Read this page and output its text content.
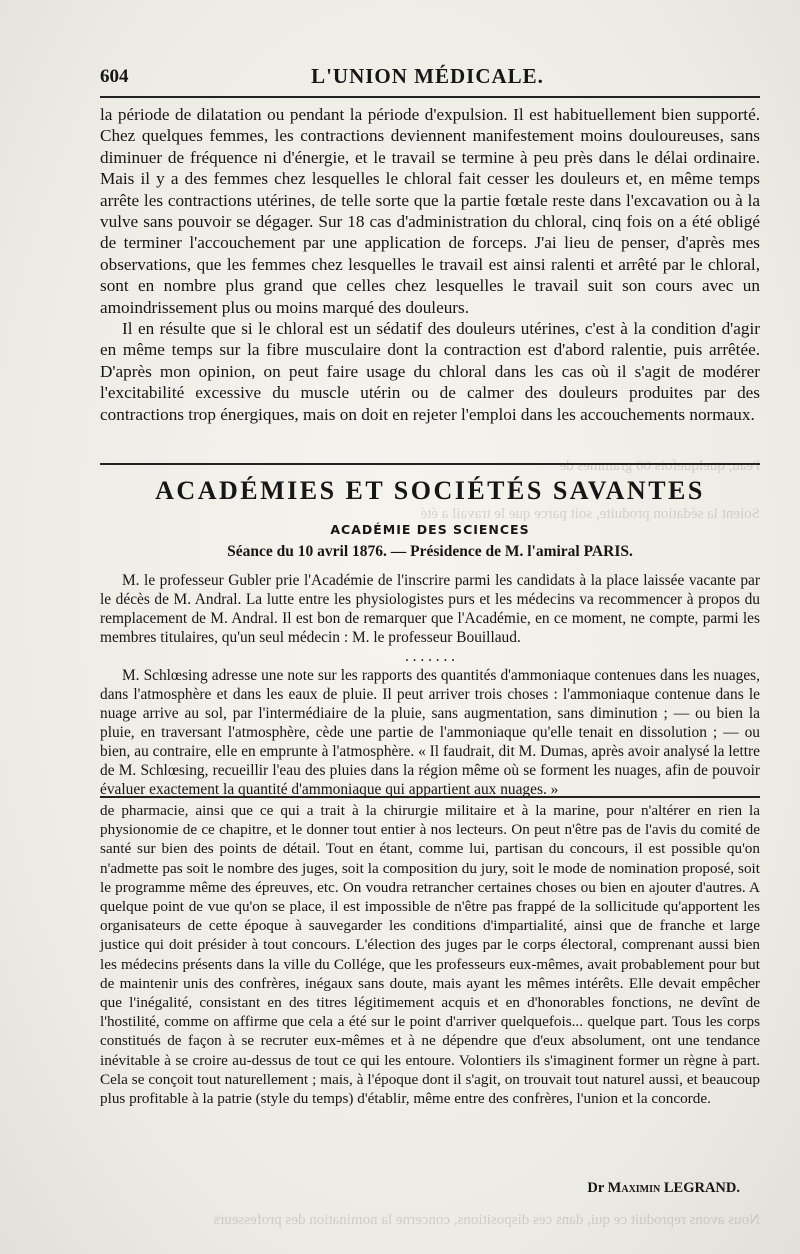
604	L'UNION MÉDICALE.

la période de dilatation ou pendant la période d'expulsion. Il est habituellement bien supporté. Chez quelques femmes, les contractions deviennent manifestement moins douloureuses, sans diminuer de fréquence ni d'énergie, et le travail se termine à peu près dans le délai ordinaire. Mais il y a des femmes chez lesquelles le chloral fait cesser les douleurs et, en même temps arrête les contractions utérines, de telle sorte que la partie fœtale reste dans l'excavation ou à la vulve sans pouvoir se dégager. Sur 18 cas d'administration du chloral, cinq fois on a été obligé de terminer l'accouchement par une application de forceps. J'ai lieu de penser, d'après mes observations, que les femmes chez lesquelles le travail est ainsi ralenti et arrêté par le chloral, sont en nombre plus grand que celles chez lesquelles le travail suit son cours avec un amoindrissement plus ou moins marqué des douleurs.

Il en résulte que si le chloral est un sédatif des douleurs utérines, c'est à la condition d'agir en même temps sur la fibre musculaire dont la contraction est d'abord ralentie, puis arrêtée. D'après mon opinion, on peut faire usage du chloral dans les cas où il s'agit de modérer l'excitabilité excessive du muscle utérin ou de calmer des douleurs produites par des contractions trop énergiques, mais on doit en rejeter l'emploi dans les accouchements normaux.

l'eau, quelquefois 60 grammes de
ACADÉMIES ET SOCIÉTÉS SAVANTES
Soient la sédation produite, soit parce que le travail a été
ACADÉMIE DES SCIENCES
Séance du 10 avril 1876. — Présidence de M. l'amiral PARIS.

M. le professeur Gubler prie l'Académie de l'inscrire parmi les candidats à la place laissée vacante par le décès de M. Andral. La lutte entre les physiologistes purs et les médecins va recommencer à propos du remplacement de M. Andral. Il est bon de remarquer que l'Académie, en ce moment, ne compte, parmi les membres titulaires, qu'un seul médecin : M. le professeur Bouillaud.

. . . . . . .

M. Schlœsing adresse une note sur les rapports des quantités d'ammoniaque contenues dans les nuages, dans l'atmosphère et dans les eaux de pluie. Il peut arriver trois choses : l'ammoniaque contenue dans le nuage arrive au sol, par l'intermédiaire de la pluie, sans augmentation, sans diminution ; — ou bien la pluie, en traversant l'atmosphère, cède une partie de l'ammoniaque qu'elle tenait en dissolution ; — ou bien, au contraire, elle en emprunte à l'atmosphère. « Il faudrait, dit M. Dumas, après avoir analysé la lettre de M. Schlœsing, recueillir l'eau des pluies dans la région même où se forment les nuages, afin de pouvoir évaluer exactement la quantité d'ammoniaque qui appartient aux nuages. »

de pharmacie, ainsi que ce qui a trait à la chirurgie militaire et à la marine, pour n'altérer en rien la physionomie de ce chapitre, et le donner tout entier à nos lecteurs. On peut n'être pas de l'avis du comité de santé sur bien des points de détail. Tout en étant, comme lui, partisan du concours, il est possible qu'on n'admette pas soit le nombre des juges, soit la composition du jury, soit le mode de nomination proposé, soit le programme même des épreuves, etc. On voudra retrancher certaines choses ou bien en ajouter d'autres. A quelque point de vue qu'on se place, il est impossible de n'être pas frappé de la sollicitude qu'apportent les organisateurs de cette époque à sauvegarder les conditions d'impartialité, ainsi que de franche et large justice qui doit présider à tout concours. L'élection des juges par le corps électoral, comprenant aussi bien les médecins présents dans la ville du Collége, que les professeurs eux-mêmes, avait probablement pour but de maintenir unis des confrères, inégaux sans doute, mais ayant les mêmes intérêts. Elle devait empêcher que l'inégalité, consistant en des titres légitimement acquis et en d'honorables fonctions, ne devînt de l'hostilité, comme on affirme que cela a été sur le point d'arriver quelquefois... quelque part. Tous les corps constitués de façon à se recruter eux-mêmes et à ne dépendre que d'eux absolument, ont une tendance inévitable à se croire au-dessus de tout ce qui les entoure. Volontiers ils s'imaginent former un règne à part. Cela se conçoit tout naturellement ; mais, à l'époque dont il s'agit, on trouvait tout naturel aussi, et beaucoup plus profitable à la patrie (style du temps) d'établir, même entre des confrères, l'union et la concorde.

Dr Maximin LEGRAND.
Nous avons reproduit ce qui, dans ces dispositions, concerne la nomination des professeurs
